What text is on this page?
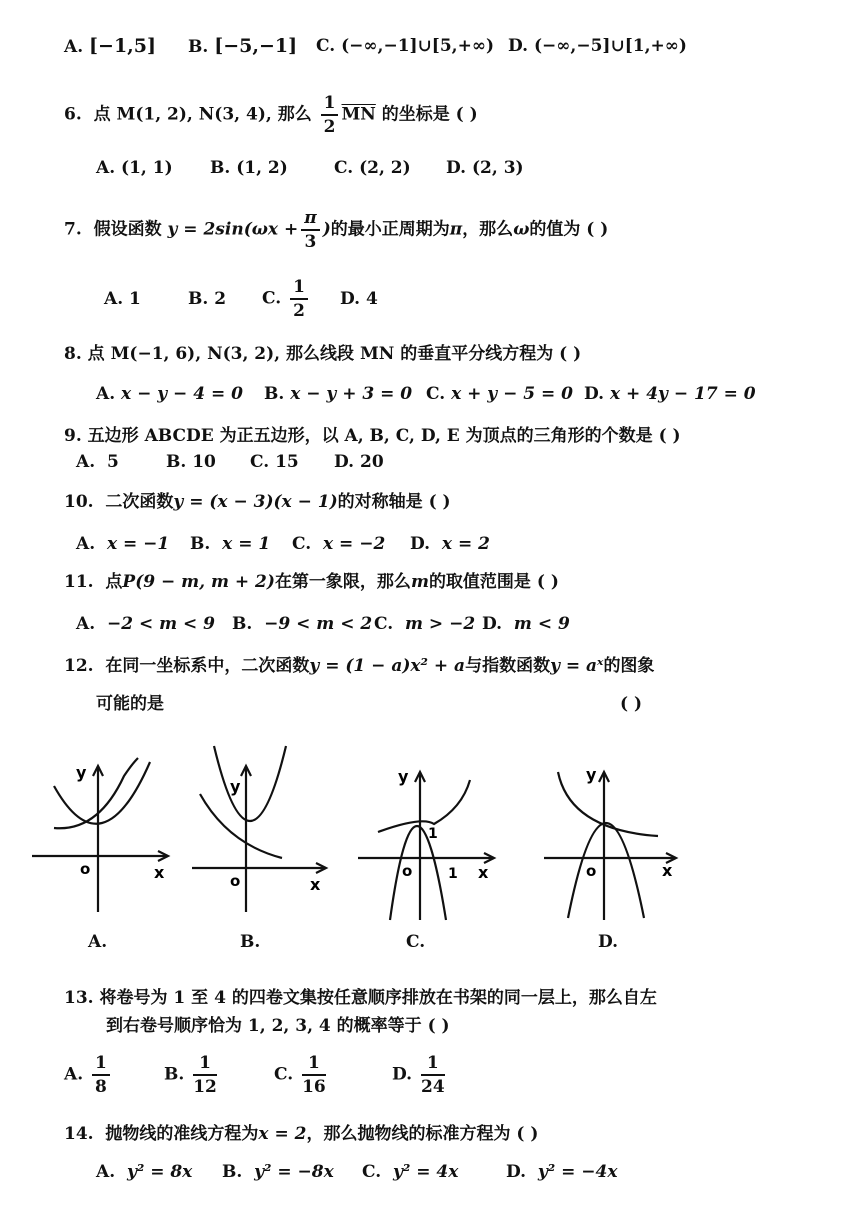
A. [−1,5] B. [−5,−1] C. (−∞,−1]∪[5,+∞) D. (−∞,−5]∪[1,+∞)
6. 点 M(1, 2), N(3, 4), 那么 $\frac{1}{2} \overline{MN}$ 的坐标是 ( )
A. (1, 1) B. (1, 2)	C. (2, 2) D. (2, 3)
7. 假设函数 $y = 2\sin(\omega x + \frac{\pi}{3}$ )的最小正周期为π，那么ω的值为 ( )
A. 1	B. 2 C. $\frac{1}{2} D$. 4
8. 点 M(−1, 6), N(3, 2), 那么线段 MN 的垂直平分线方程为 ( )
A. x − y − 4 = 0 B. x − y + 3 = 0 C. x + y − 5 = 0 D. x + 4y − 17 = 0
9. 五边形 ABCDE 为正五边形，以 A, B, C, D, E 为顶点的三角形的个数是 ( )
A. 5	B. 10 C. 15 D. 20
10. 二次函数y = (x − 3)(x − 1)的对称轴是 ( )
A. x = −1 B. x = 1 C. x = −2 D. x = 2
11. 点P(9 − m, m + 2)在第一象限，那么m的取值范围是 ( )
A. −2 < m < 9 B. −9 < m < 2 C. m > −2 D. m < 9
12. 在同一坐标系中，二次函数y = (1 − a)x² + a与指数函数y = aˣ的图象
可能的是	( )
y
x
o
A.
y
x
o
B.
y
x
o
1
1
C.
y
x
o
D.
13. 将卷号为 1 至 4 的四卷文集按任意顺序排放在书架的同一层上，那么自左
到右卷号顺序恰为 1, 2, 3, 4 的概率等于 ( )
A. $\frac{1}{8}$	B. $\frac{1}{12}$	C. $\frac{1}{16}$	D. $\frac{1}{24}$
14. 抛物线的准线方程为x = 2，那么抛物线的标准方程为 ( )
A. y² = 8x B. y² = −8x C. y² = 4x	D. y² = −4x
